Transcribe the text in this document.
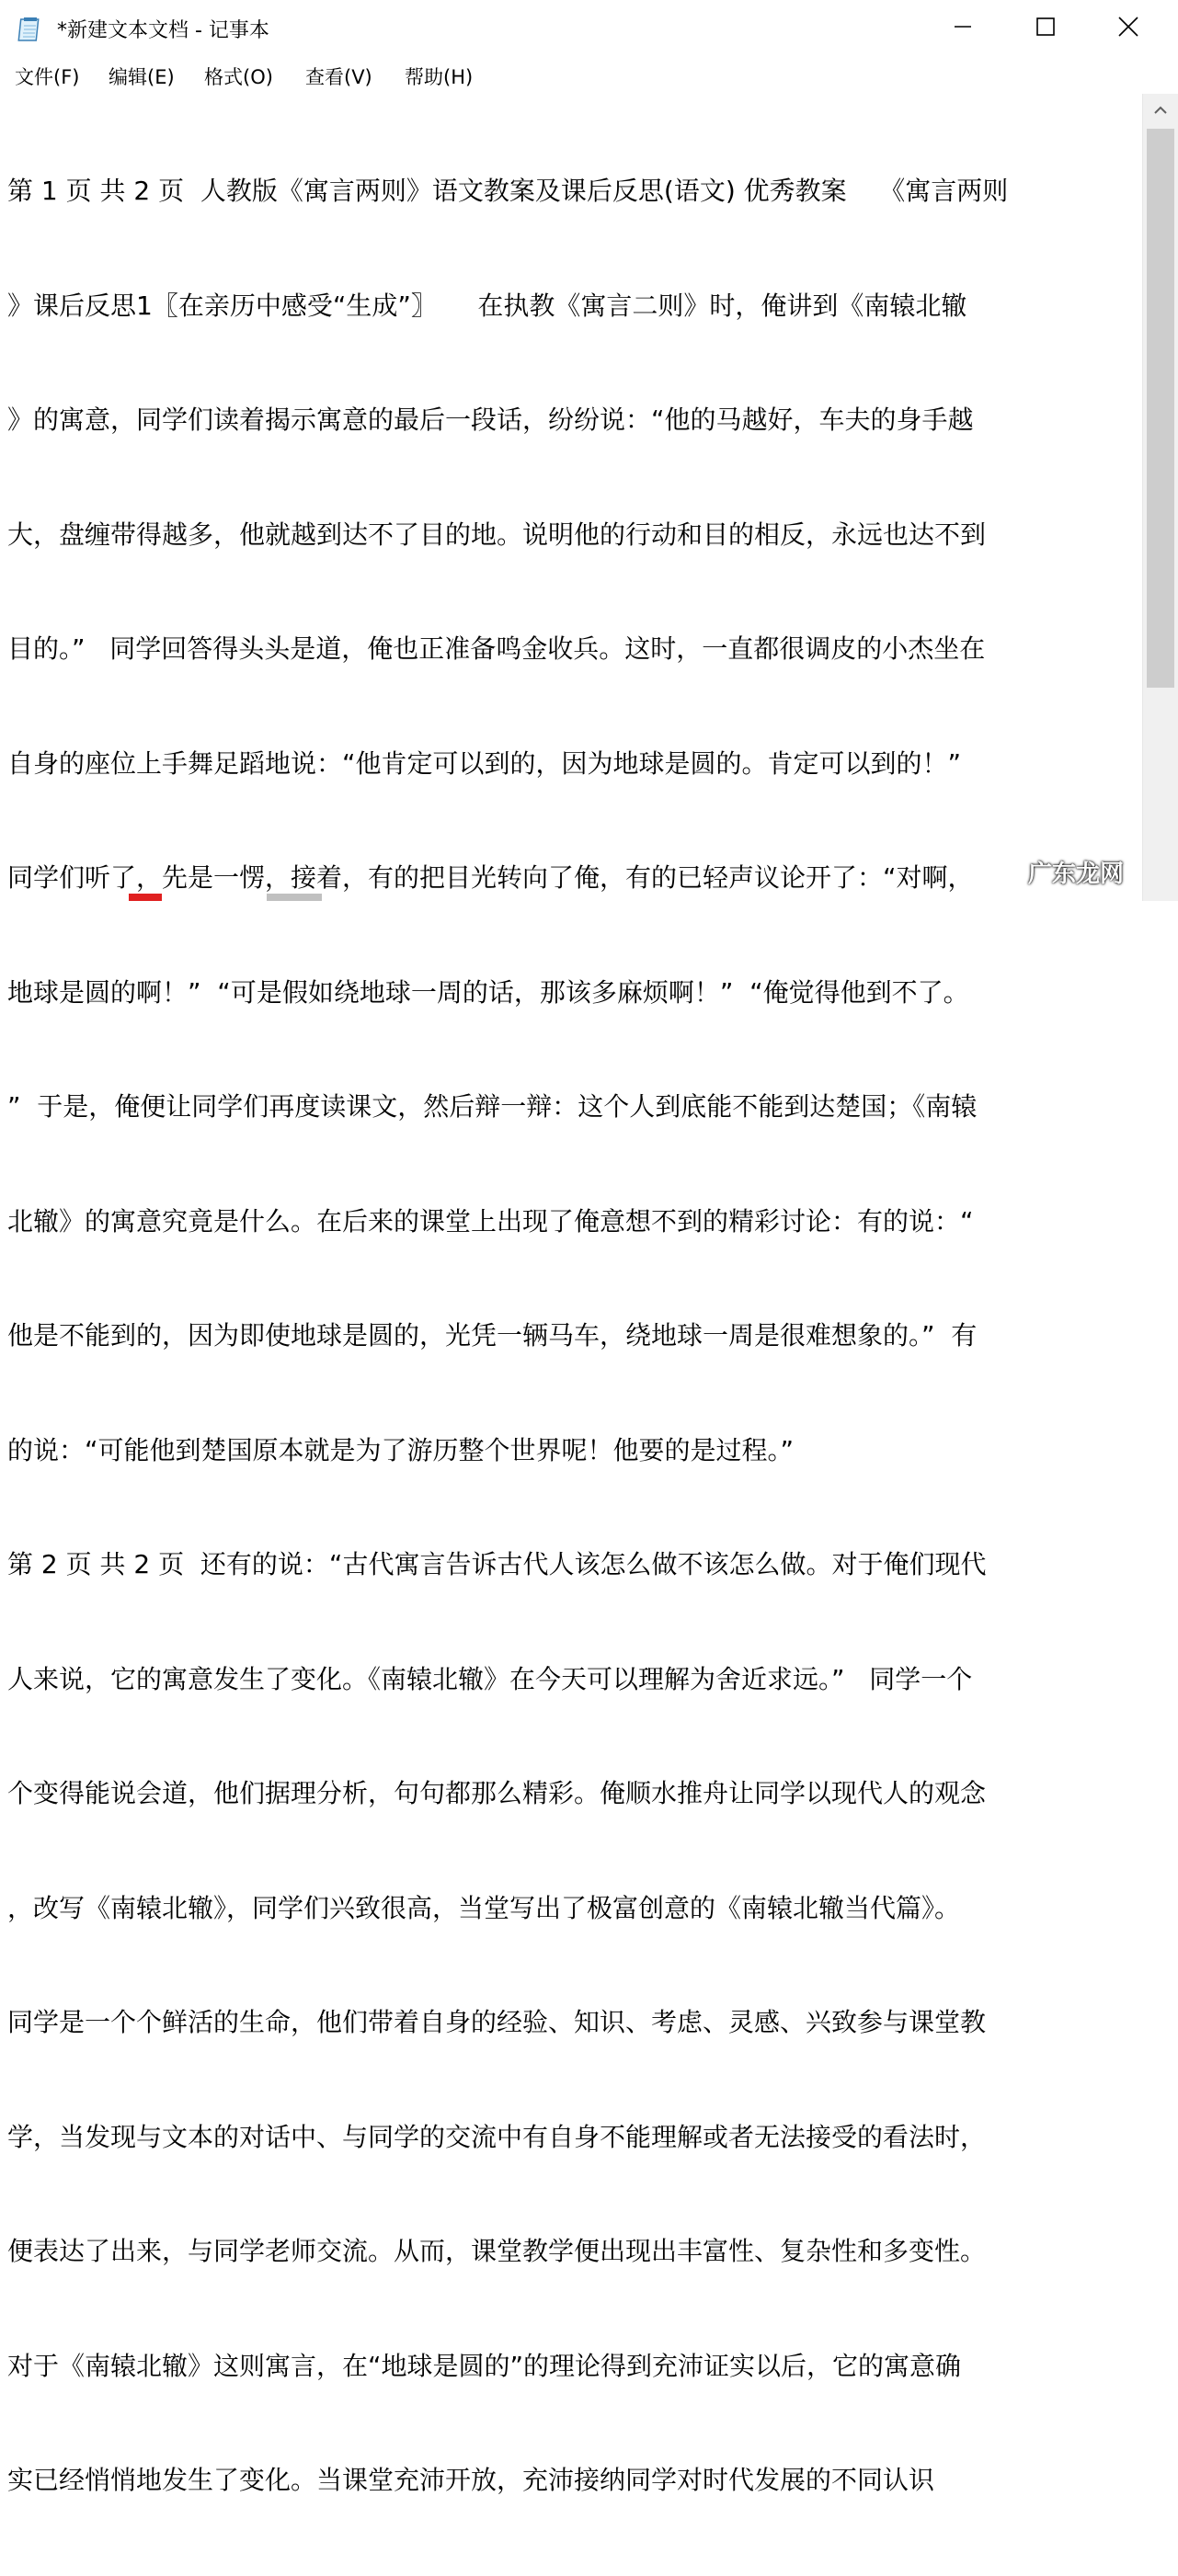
*新建文本文档 - 记事本
文件(F) 编辑(E) 格式(O) 查看(V) 帮助(H)

第 1 页 共 2 页  人教版《寓言两则》语文教案及课后反思(语文) 优秀教案    《寓言两则

》课后反思1〖在亲历中感受“生成”〗     在执教《寓言二则》时，俺讲到《南辕北辙

》的寓意，同学们读着揭示寓意的最后一段话，纷纷说：“他的马越好，车夫的身手越

大，盘缠带得越多，他就越到达不了目的地。说明他的行动和目的相反，永远也达不到

目的。”   同学回答得头头是道，俺也正准备鸣金收兵。这时，一直都很调皮的小杰坐在

自身的座位上手舞足蹈地说：“他肯定可以到的，因为地球是圆的。肯定可以到的！”

同学们听了，先是一愣，接着，有的把目光转向了俺，有的已轻声议论开了：“对啊，

地球是圆的啊！”  “可是假如绕地球一周的话，那该多麻烦啊！”  “俺觉得他到不了。

”  于是，俺便让同学们再度读课文，然后辩一辩：这个人到底能不能到达楚国；《南辕

北辙》的寓意究竟是什么。在后来的课堂上出现了俺意想不到的精彩讨论：有的说：“

他是不能到的，因为即使地球是圆的，光凭一辆马车，绕地球一周是很难想象的。”  有

的说：“可能他到楚国原本就是为了游历整个世界呢！他要的是过程。”

第 2 页 共 2 页  还有的说：“古代寓言告诉古代人该怎么做不该怎么做。对于俺们现代

人来说，它的寓意发生了变化。《南辕北辙》在今天可以理解为舍近求远。”   同学一个

个变得能说会道，他们据理分析，句句都那么精彩。俺顺水推舟让同学以现代人的观念

，改写《南辕北辙》，同学们兴致很高，当堂写出了极富创意的《南辕北辙当代篇》。

同学是一个个鲜活的生命，他们带着自身的经验、知识、考虑、灵感、兴致参与课堂教

学，当发现与文本的对话中、与同学的交流中有自身不能理解或者无法接受的看法时，

便表达了出来，与同学老师交流。从而，课堂教学便出现出丰富性、复杂性和多变性。

对于《南辕北辙》这则寓言，在“地球是圆的”的理论得到充沛证实以后，它的寓意确

实已经悄悄地发生了变化。当课堂充沛开放，充沛接纳同学对时代发展的不同认识

广东龙网
